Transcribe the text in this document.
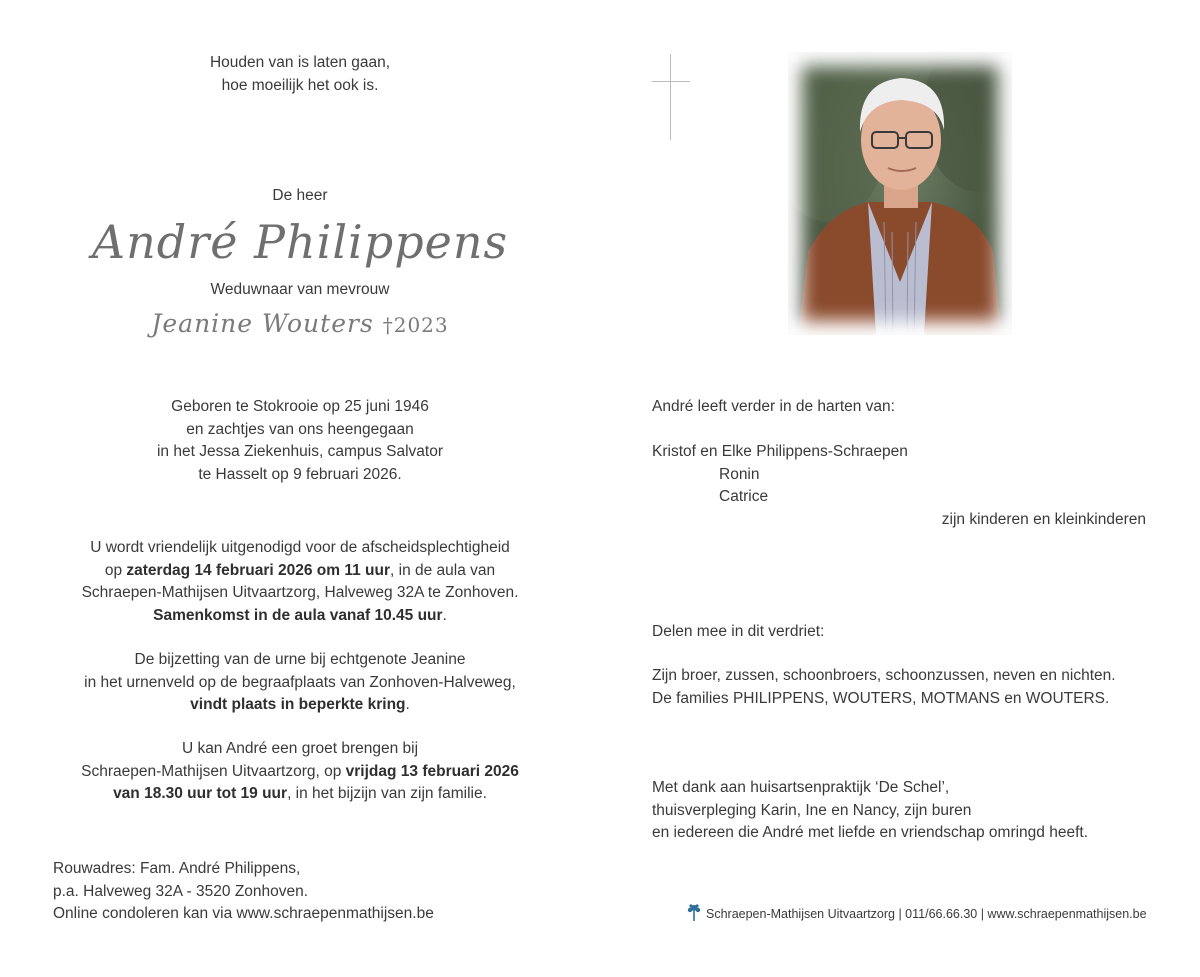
Houden van is laten gaan,
hoe moeilijk het ook is.
De heer
André Philippens
Weduwnaar van mevrouw
Jeanine Wouters †2023
Geboren te Stokrooie op 25 juni 1946
en zachtjes van ons heengegaan
in het Jessa Ziekenhuis, campus Salvator
te Hasselt op 9 februari 2026.
U wordt vriendelijk uitgenodigd voor de afscheidsplechtigheid
op zaterdag 14 februari 2026 om 11 uur, in de aula van
Schraepen-Mathijsen Uitvaartzorg, Halveweg 32A te Zonhoven.
Samenkomst in de aula vanaf 10.45 uur.
De bijzetting van de urne bij echtgenote Jeanine
in het urnenveld op de begraafplaats van Zonhoven-Halveweg,
vindt plaats in beperkte kring.
U kan André een groet brengen bij
Schraepen-Mathijsen Uitvaartzorg, op vrijdag 13 februari 2026
van 18.30 uur tot 19 uur, in het bijzijn van zijn familie.
Rouwadres: Fam. André Philippens,
p.a. Halveweg 32A - 3520 Zonhoven.
Online condoleren kan via www.schraepenmathijsen.be
André leeft verder in de harten van:
Kristof en Elke Philippens-Schraepen
Ronin
Catrice
zijn kinderen en kleinkinderen
Delen mee in dit verdriet:
Zijn broer, zussen, schoonbroers, schoonzussen, neven en nichten.
De families PHILIPPENS, WOUTERS, MOTMANS en WOUTERS.
Met dank aan huisartsenpraktijk ‘De Schel’,
thuisverpleging Karin, Ine en Nancy, zijn buren
en iedereen die André met liefde en vriendschap omringd heeft.
Schraepen-Mathijsen Uitvaartzorg | 011/66.66.30 | www.schraepenmathijsen.be
